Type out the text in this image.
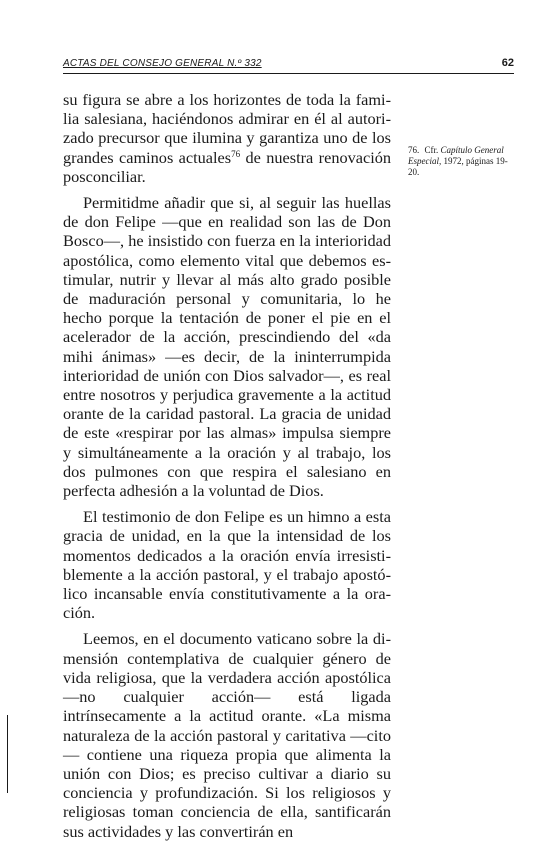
ACTAS DEL CONSEJO GENERAL N.º 332	62

su figura se abre a los horizontes de toda la familia salesiana, haciéndonos admirar en él al autorizado precursor que ilumina y garantiza uno de los grandes caminos actuales$^{76}$ de nuestra renovación posconciliar.

Permitidme añadir que si, al seguir las huellas de don Felipe —que en realidad son las de Don Bosco—, he insistido con fuerza en la interioridad apostólica, como elemento vital que debemos estimular, nutrir y llevar al más alto grado posible de maduración personal y comunitaria, lo he hecho porque la tentación de poner el pie en el acelerador de la acción, prescindiendo del «da mihi ánimas» —es decir, de la ininterrumpida interioridad de unión con Dios salvador—, es real entre nosotros y perjudica gravemente a la actitud orante de la caridad pastoral. La gracia de unidad de este «respirar por las almas» impulsa siempre y simultáneamente a la oración y al trabajo, los dos pulmones con que respira el salesiano en perfecta adhesión a la voluntad de Dios.

El testimonio de don Felipe es un himno a esta gracia de unidad, en la que la intensidad de los momentos dedicados a la oración envía irresistiblemente a la acción pastoral, y el trabajo apostólico incansable envía constitutivamente a la oración.

Leemos, en el documento vaticano sobre la dimensión contemplativa de cualquier género de vida religiosa, que la verdadera acción apostólica —no cualquier acción— está ligada intrínsecamente a la actitud orante. «La misma naturaleza de la acción pastoral y caritativa —cito— contiene una riqueza propia que alimenta la unión con Dios; es preciso cultivar a diario su conciencia y profundización. Si los religiosos y religiosas toman conciencia de ella, santificarán sus actividades y las convertirán en

76. Cfr. Capítulo General Especial, 1972, páginas 19-20.
